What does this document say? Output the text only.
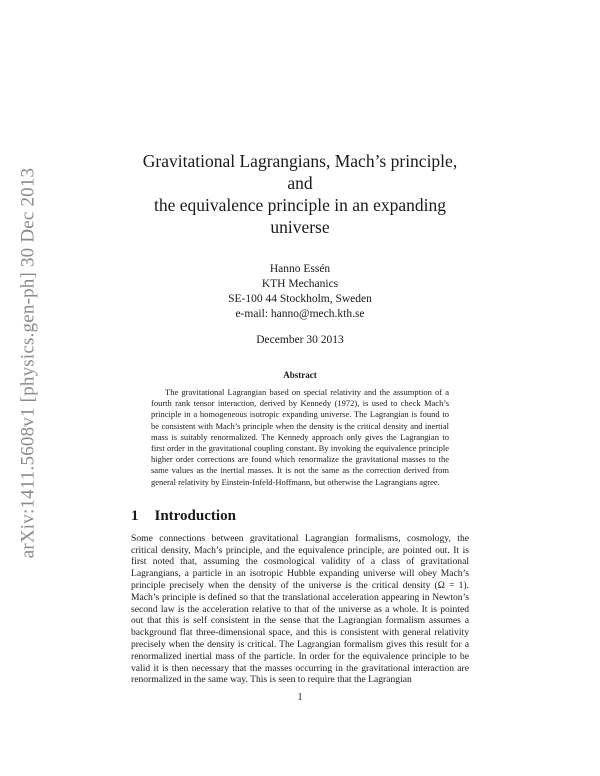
arXiv:1411.5608v1 [physics.gen-ph] 30 Dec 2013
Gravitational Lagrangians, Mach’s principle, and
the equivalence principle in an expanding universe
Hanno Essén
KTH Mechanics
SE-100 44 Stockholm, Sweden
e-mail: hanno@mech.kth.se
December 30 2013
Abstract

The gravitational Lagrangian based on special relativity and the assumption of a fourth rank tensor interaction, derived by Kennedy (1972), is used to check Mach’s principle in a homogeneous isotropic expanding universe. The Lagrangian is found to be consistent with Mach’s principle when the density is the critical density and inertial mass is suitably renormalized. The Kennedy approach only gives the Lagrangian to first order in the gravitational coupling constant. By invoking the equivalence principle higher order corrections are found which renormalize the gravitational masses to the same values as the inertial masses. It is not the same as the correction derived from general relativity by Einstein-Infeld-Hoffmann, but otherwise the Lagrangians agree.

1 Introduction

Some connections between gravitational Lagrangian formalisms, cosmology, the critical density, Mach’s principle, and the equivalence principle, are pointed out. It is first noted that, assuming the cosmological validity of a class of gravitational Lagrangians, a particle in an isotropic Hubble expanding universe will obey Mach’s principle precisely when the density of the universe is the critical density (Ω = 1). Mach’s principle is defined so that the translational acceleration appearing in Newton’s second law is the acceleration relative to that of the universe as a whole. It is pointed out that this is self consistent in the sense that the Lagrangian formalism assumes a background flat three-dimensional space, and this is consistent with general relativity precisely when the density is critical. The Lagrangian formalism gives this result for a renormalized inertial mass of the particle. In order for the equivalence principle to be valid it is then necessary that the masses occurring in the gravitational interaction are renormalized in the same way. This is seen to require that the Lagrangian

1
